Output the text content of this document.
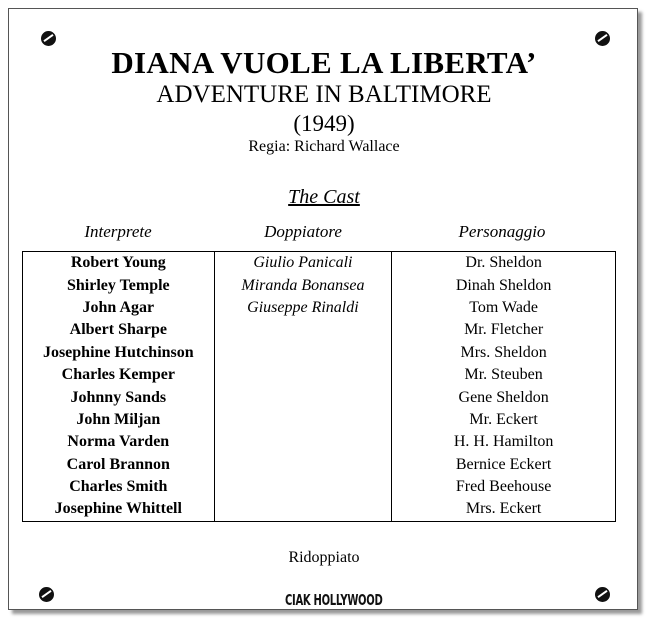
DIANA VUOLE LA LIBERTA’
ADVENTURE IN BALTIMORE
(1949)
Regia: Richard Wallace
The Cast
Interprete	Doppiatore	Personaggio
Robert Young	Giulio Panicali	Dr. Sheldon
Shirley Temple	Miranda Bonansea	Dinah Sheldon
John Agar	Giuseppe Rinaldi	Tom Wade
Albert Sharpe		Mr. Fletcher
Josephine Hutchinson		Mrs. Sheldon
Charles Kemper		Mr. Steuben
Johnny Sands		Gene Sheldon
John Miljan		Mr. Eckert
Norma Varden		H. H. Hamilton
Carol Brannon		Bernice Eckert
Charles Smith		Fred Beehouse
Josephine Whittell		Mrs. Eckert
Ridoppiato
CIAK HOLLYWOOD
